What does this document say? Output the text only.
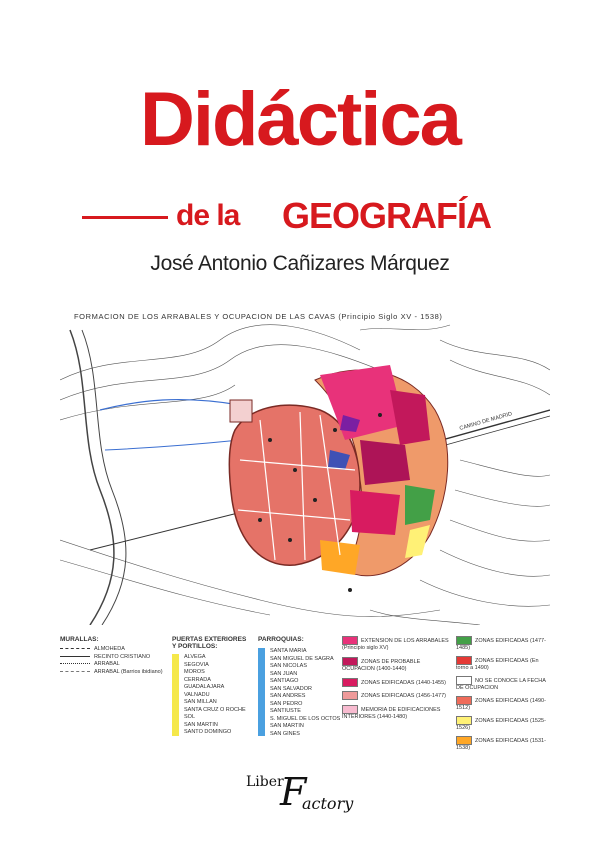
Didáctica
de la GEOGRAFÍA
José Antonio Cañizares Márquez
FORMACION DE LOS ARRABALES Y OCUPACION DE LAS CAVAS (Principio Siglo XV - 1538)
CAMINO DE MADRID
MURALLAS:
ALMOHEDA
RECINTO CRISTIANO
ARRABAL
ARRABAL (Barrios ibidiano)
PUERTAS EXTERIORES Y PORTILLOS:
ALVEGA
SEGOVIA
MOROS
CERRADA
GUADALAJARA
VALNADU
SAN MILLAN
SANTA CRUZ O ROCHE
SOL
SAN MARTIN
SANTO DOMINGO
PARROQUIAS:
SANTA MARIA
SAN MIGUEL DE SAGRA
SAN NICOLAS
SAN JUAN
SANTIAGO
SAN SALVADOR
SAN ANDRES
SAN PEDRO
SANTIUSTE
S. MIGUEL DE LOS OCTOS
SAN MARTIN
SAN GINES
EXTENSION DE LOS ARRABALES (Principio siglo XV)
ZONAS DE PROBABLE OCUPACION (1400-1440)
ZONAS EDIFICADAS (1440-1455)
ZONAS EDIFICADAS (1456-1477)
MEMORIA DE EDIFICACIONES INTERIORES (1440-1480)
ZONAS EDIFICADAS (1477-1485)
ZONAS EDIFICADAS (En torno a 1490)
NO SE CONOCE LA FECHA DE OCUPACION
ZONAS EDIFICADAS (1490-1512)
ZONAS EDIFICADAS (1525-1526)
ZONAS EDIFICADAS (1531-1538)
Liber
F
actory
